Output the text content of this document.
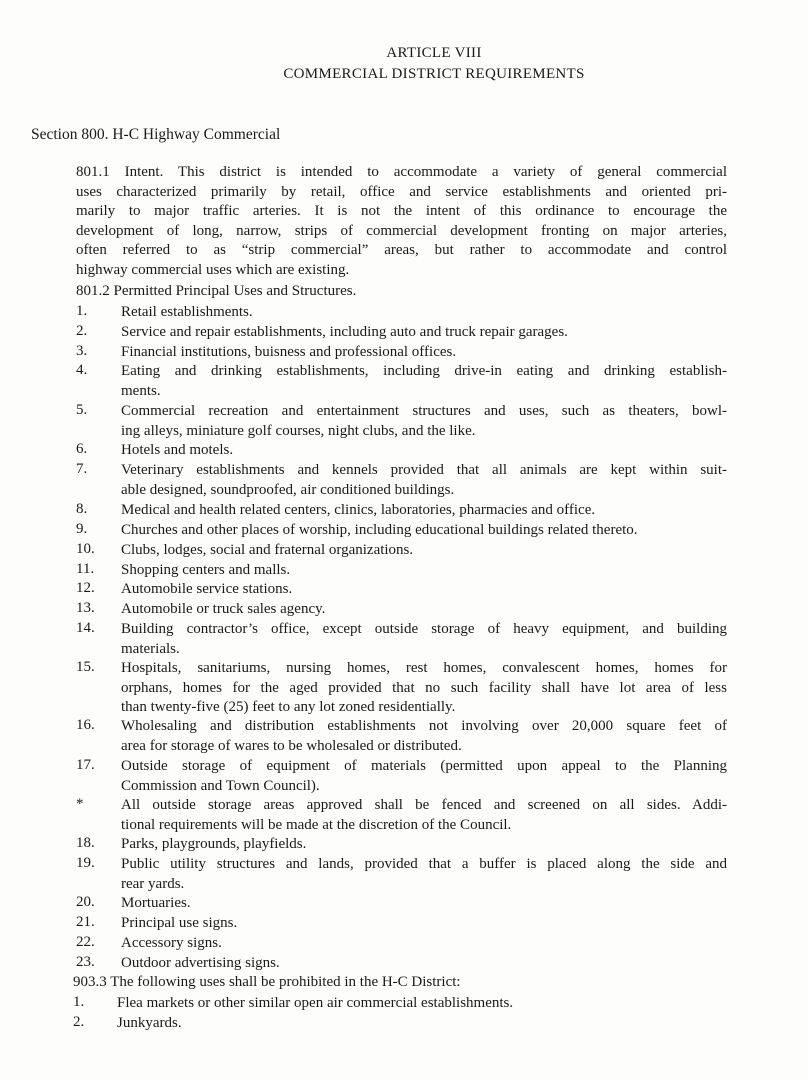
ARTICLE VIII
COMMERCIAL DISTRICT REQUIREMENTS
Section 800. H-C Highway Commercial
801.1 Intent. This district is intended to accommodate a variety of general commercial
uses characterized primarily by retail, office and service establishments and oriented pri-
marily to major traffic arteries. It is not the intent of this ordinance to encourage the
development of long, narrow, strips of commercial development fronting on major arteries,
often referred to as “strip commercial” areas, but rather to accommodate and control
highway commercial uses which are existing.
801.2 Permitted Principal Uses and Structures.
1. Retail establishments.
2. Service and repair establishments, including auto and truck repair garages.
3. Financial institutions, buisness and professional offices.
4. Eating and drinking establishments, including drive-in eating and drinking establish-
ments.
5. Commercial recreation and entertainment structures and uses, such as theaters, bowl-
ing alleys, miniature golf courses, night clubs, and the like.
6. Hotels and motels.
7. Veterinary establishments and kennels provided that all animals are kept within suit-
able designed, soundproofed, air conditioned buildings.
8. Medical and health related centers, clinics, laboratories, pharmacies and office.
9. Churches and other places of worship, including educational buildings related thereto.
10. Clubs, lodges, social and fraternal organizations.
11. Shopping centers and malls.
12. Automobile service stations.
13. Automobile or truck sales agency.
14. Building contractor’s office, except outside storage of heavy equipment, and building
materials.
15. Hospitals, sanitariums, nursing homes, rest homes, convalescent homes, homes for
orphans, homes for the aged provided that no such facility shall have lot area of less
than twenty-five (25) feet to any lot zoned residentially.
16. Wholesaling and distribution establishments not involving over 20,000 square feet of
area for storage of wares to be wholesaled or distributed.
17. Outside storage of equipment of materials (permitted upon appeal to the Planning
Commission and Town Council).
*	All outside storage areas approved shall be fenced and screened on all sides. Addi-
tional requirements will be made at the discretion of the Council.
18. Parks, playgrounds, playfields.
19. Public utility structures and lands, provided that a buffer is placed along the side and
rear yards.
20. Mortuaries.
21. Principal use signs.
22. Accessory signs.
23. Outdoor advertising signs.
903.3 The following uses shall be prohibited in the H-C District:
1. Flea markets or other similar open air commercial establishments.
2. Junkyards.
